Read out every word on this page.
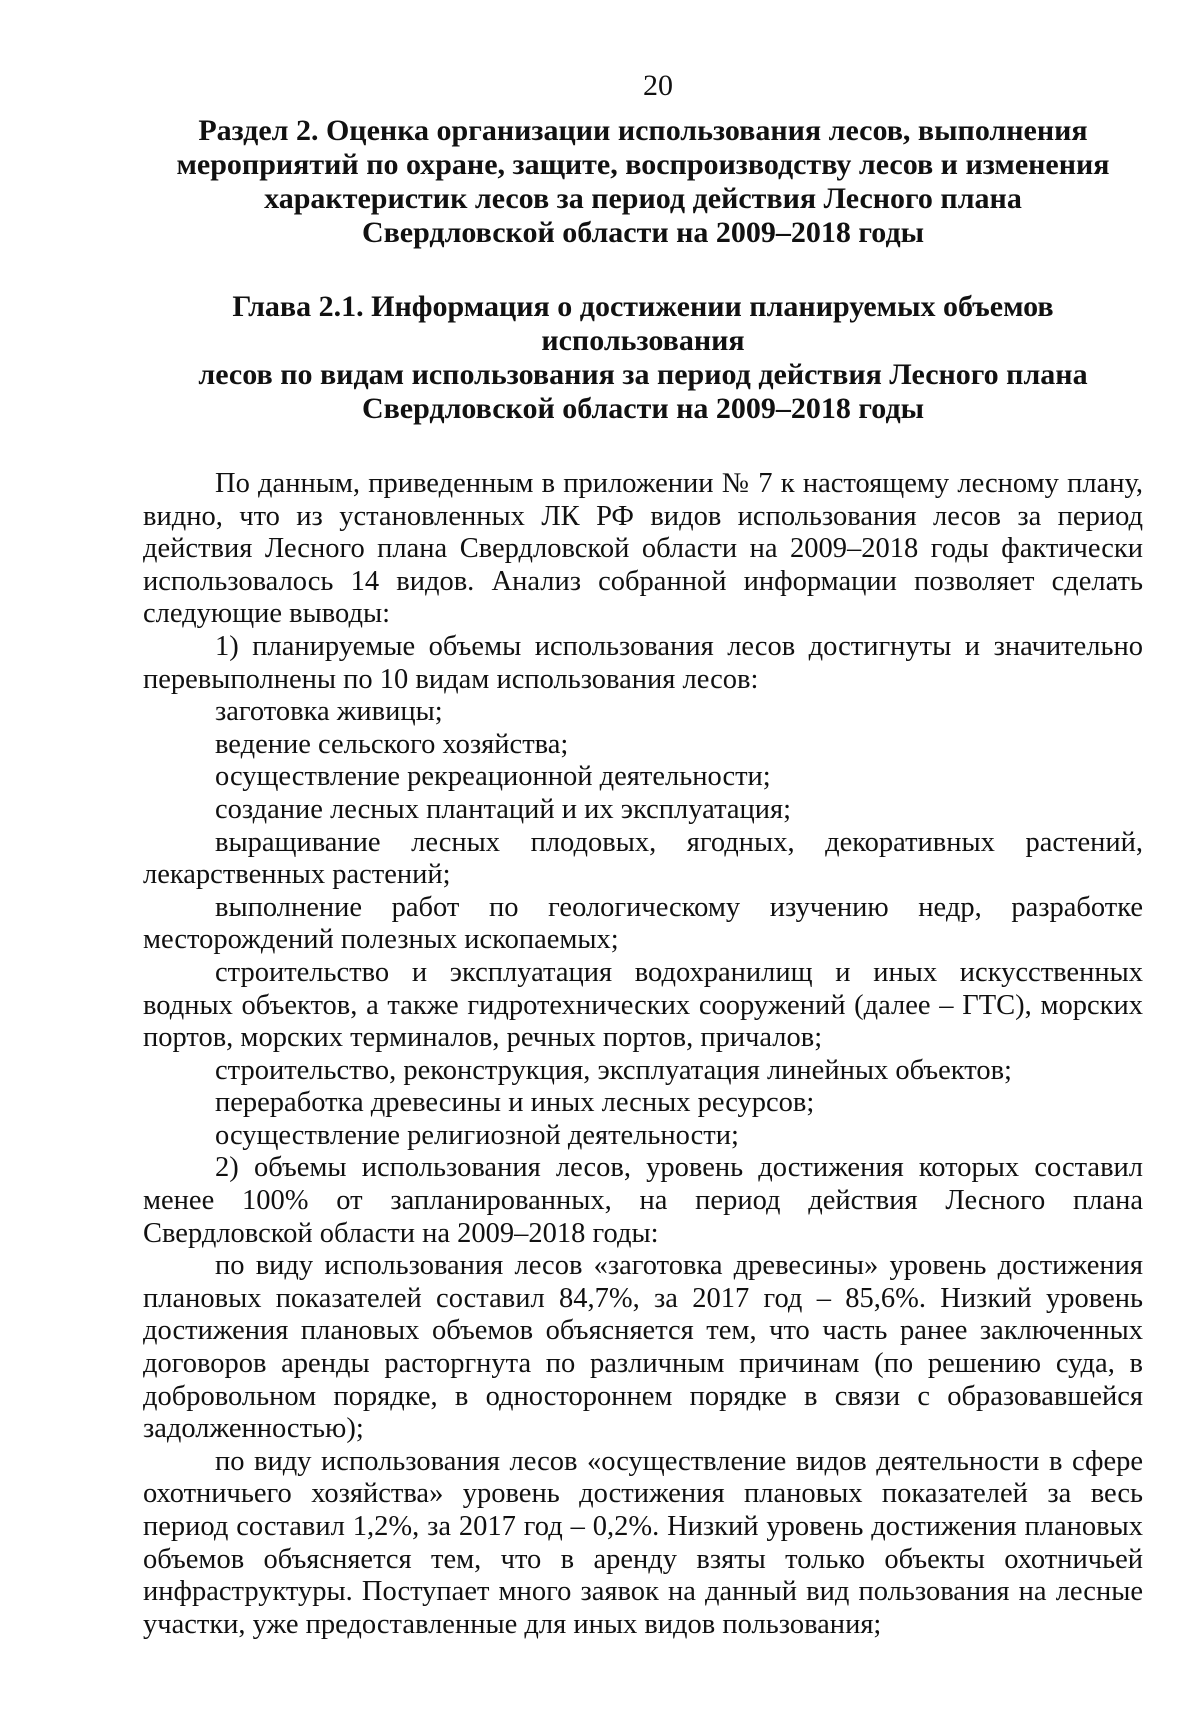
20
Раздел 2. Оценка организации использования лесов, выполнения
мероприятий по охране, защите, воспроизводству лесов и изменения
характеристик лесов за период действия Лесного плана
Свердловской области на 2009–2018 годы
Глава 2.1. Информация о достижении планируемых объемов использования
лесов по видам использования за период действия Лесного плана
Свердловской области на 2009–2018 годы

По данным, приведенным в приложении № 7 к настоящему лесному плану, видно, что из установленных ЛК РФ видов использования лесов за период действия Лесного плана Свердловской области на 2009–2018 годы фактически использовалось 14 видов. Анализ собранной информации позволяет сделать следующие выводы:

1) планируемые объемы использования лесов достигнуты и значительно перевыполнены по 10 видам использования лесов:

заготовка живицы;

ведение сельского хозяйства;

осуществление рекреационной деятельности;

создание лесных плантаций и их эксплуатация;

выращивание лесных плодовых, ягодных, декоративных растений, лекарственных растений;

выполнение работ по геологическому изучению недр, разработке месторождений полезных ископаемых;

строительство и эксплуатация водохранилищ и иных искусственных водных объектов, а также гидротехнических сооружений (далее – ГТС), морских портов, морских терминалов, речных портов, причалов;

строительство, реконструкция, эксплуатация линейных объектов;

переработка древесины и иных лесных ресурсов;

осуществление религиозной деятельности;

2) объемы использования лесов, уровень достижения которых составил менее 100% от запланированных, на период действия Лесного плана Свердловской области на 2009–2018 годы:

по виду использования лесов «заготовка древесины» уровень достижения плановых показателей составил 84,7%, за 2017 год – 85,6%. Низкий уровень достижения плановых объемов объясняется тем, что часть ранее заключенных договоров аренды расторгнута по различным причинам (по решению суда, в добровольном порядке, в одностороннем порядке в связи с образовавшейся задолженностью);

по виду использования лесов «осуществление видов деятельности в сфере охотничьего хозяйства» уровень достижения плановых показателей за весь период составил 1,2%, за 2017 год – 0,2%. Низкий уровень достижения плановых объемов объясняется тем, что в аренду взяты только объекты охотничьей инфраструктуры. Поступает много заявок на данный вид пользования на лесные участки, уже предоставленные для иных видов пользования;
